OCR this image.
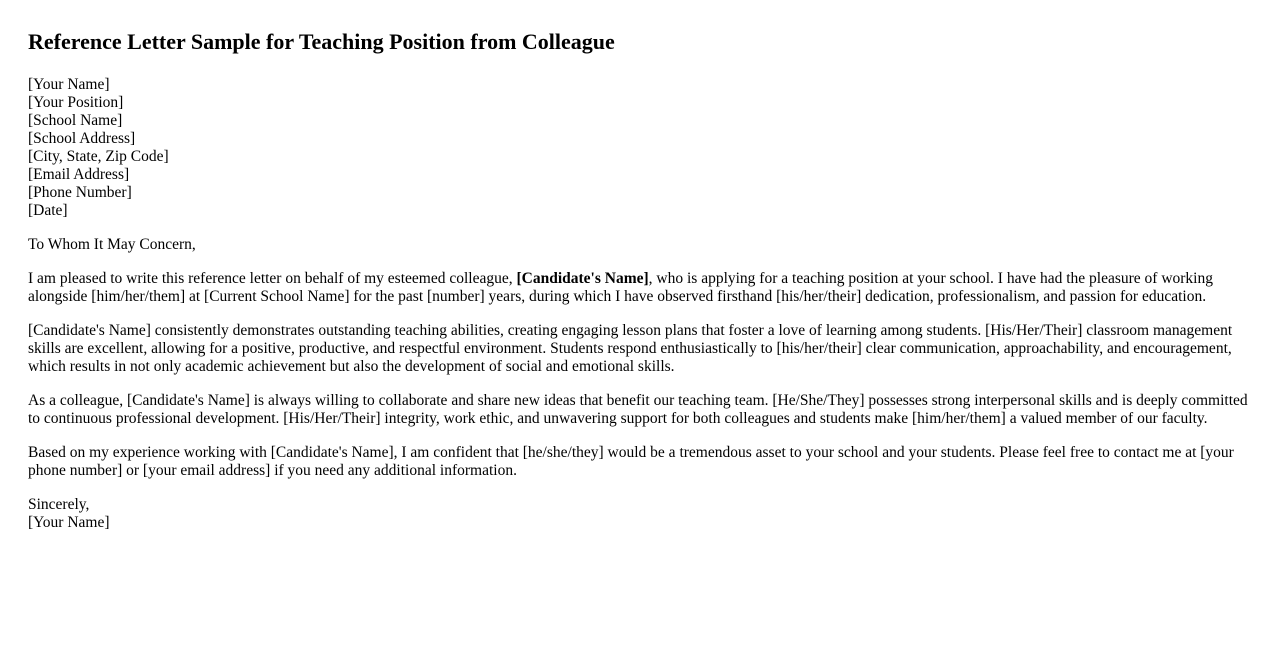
Reference Letter Sample for Teaching Position from Colleague
[Your Name]
[Your Position]
[School Name]
[School Address]
[City, State, Zip Code]
[Email Address]
[Phone Number]
[Date]

To Whom It May Concern,

I am pleased to write this reference letter on behalf of my esteemed colleague, [Candidate's Name], who is applying for a teaching position at your school. I have had the pleasure of working alongside [him/her/them] at [Current School Name] for the past [number] years, during which I have observed firsthand [his/her/their] dedication, professionalism, and passion for education.

[Candidate's Name] consistently demonstrates outstanding teaching abilities, creating engaging lesson plans that foster a love of learning among students. [His/Her/Their] classroom management skills are excellent, allowing for a positive, productive, and respectful environment. Students respond enthusiastically to [his/her/their] clear communication, approachability, and encouragement, which results in not only academic achievement but also the development of social and emotional skills.

As a colleague, [Candidate's Name] is always willing to collaborate and share new ideas that benefit our teaching team. [He/She/They] possesses strong interpersonal skills and is deeply committed to continuous professional development. [His/Her/Their] integrity, work ethic, and unwavering support for both colleagues and students make [him/her/them] a valued member of our faculty.

Based on my experience working with [Candidate's Name], I am confident that [he/she/they] would be a tremendous asset to your school and your students. Please feel free to contact me at [your phone number] or [your email address] if you need any additional information.

Sincerely,
[Your Name]
